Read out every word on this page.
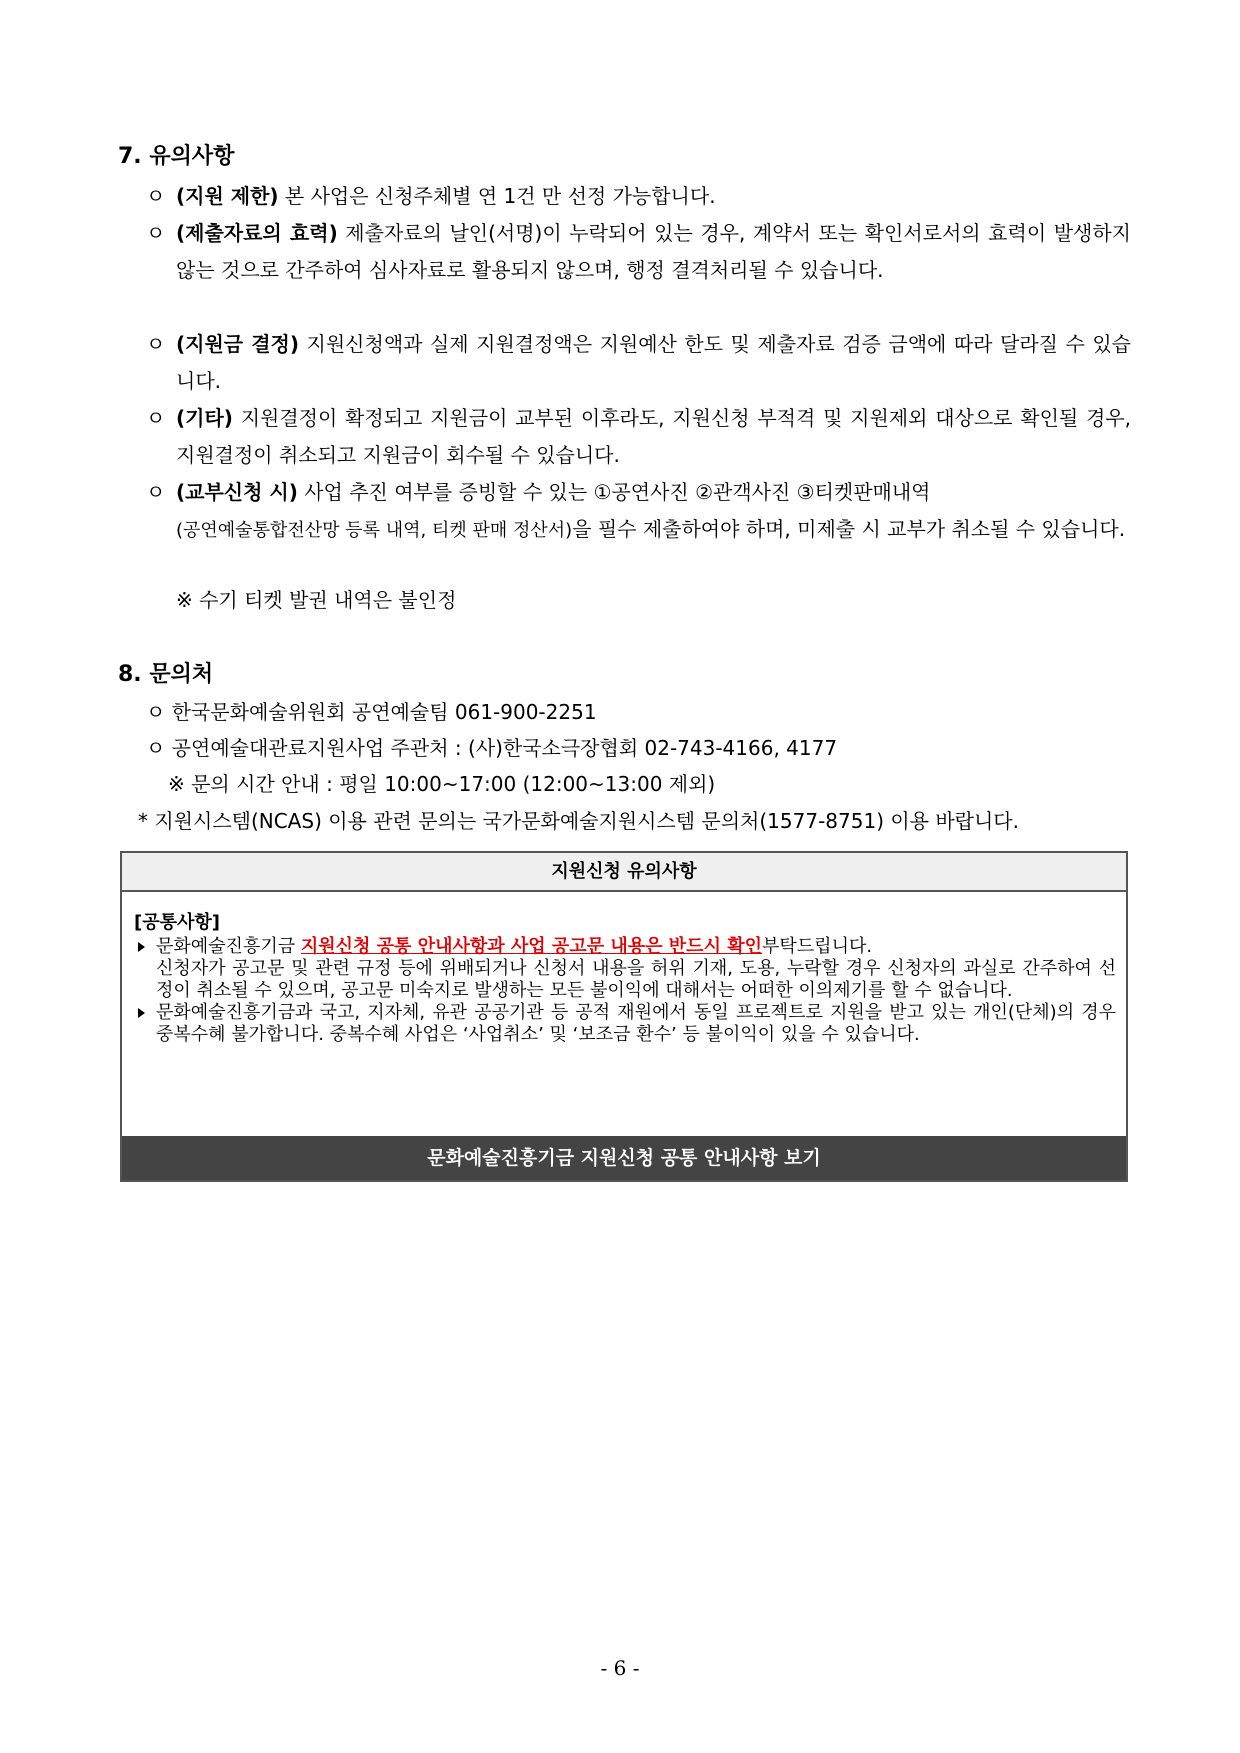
7. 유의사항
ㅇ (지원 제한) 본 사업은 신청주체별 연 1건 만 선정 가능합니다.
ㅇ (제출자료의 효력) 제출자료의 날인(서명)이 누락되어 있는 경우, 계약서 또는 확인서로서의 효력이 발생하지 않는 것으로 간주하여 심사자료로 활용되지 않으며, 행정 결격처리될 수 있습니다.
ㅇ (지원금 결정) 지원신청액과 실제 지원결정액은 지원예산 한도 및 제출자료 검증 금액에 따라 달라질 수 있습니다.
ㅇ (기타) 지원결정이 확정되고 지원금이 교부된 이후라도, 지원신청 부적격 및 지원제외 대상으로 확인될 경우, 지원결정이 취소되고 지원금이 회수될 수 있습니다.
ㅇ (교부신청 시) 사업 추진 여부를 증빙할 수 있는 ①공연사진 ②관객사진 ③티켓판매내역
(공연예술통합전산망 등록 내역, 티켓 판매 정산서)을 필수 제출하여야 하며, 미제출 시 교부가 취소될 수 있습니다.
※ 수기 티켓 발권 내역은 불인정
8. 문의처
ㅇ 한국문화예술위원회 공연예술팀 061-900-2251
ㅇ 공연예술대관료지원사업 주관처 : (사)한국소극장협회 02-743-4166, 4177
※ 문의 시간 안내 : 평일 10:00~17:00 (12:00~13:00 제외)
* 지원시스템(NCAS) 이용 관련 문의는 국가문화예술지원시스템 문의처(1577-8751) 이용 바랍니다.
지원신청 유의사항
[공통사항]
문화예술진흥기금 지원신청 공통 안내사항과 사업 공고문 내용은 반드시 확인부탁드립니다.
신청자가 공고문 및 관련 규정 등에 위배되거나 신청서 내용을 허위 기재, 도용, 누락할 경우 신청자의 과실로 간주하여 선정이 취소될 수 있으며, 공고문 미숙지로 발생하는 모든 불이익에 대해서는 어떠한 이의제기를 할 수 없습니다.
문화예술진흥기금과 국고, 지자체, 유관 공공기관 등 공적 재원에서 동일 프로젝트로 지원을 받고 있는 개인(단체)의 경우 중복수혜 불가합니다. 중복수혜 사업은 ‘사업취소’ 및 ‘보조금 환수’ 등 불이익이 있을 수 있습니다.
문화예술진흥기금 지원신청 공통 안내사항 보기
- 6 -
